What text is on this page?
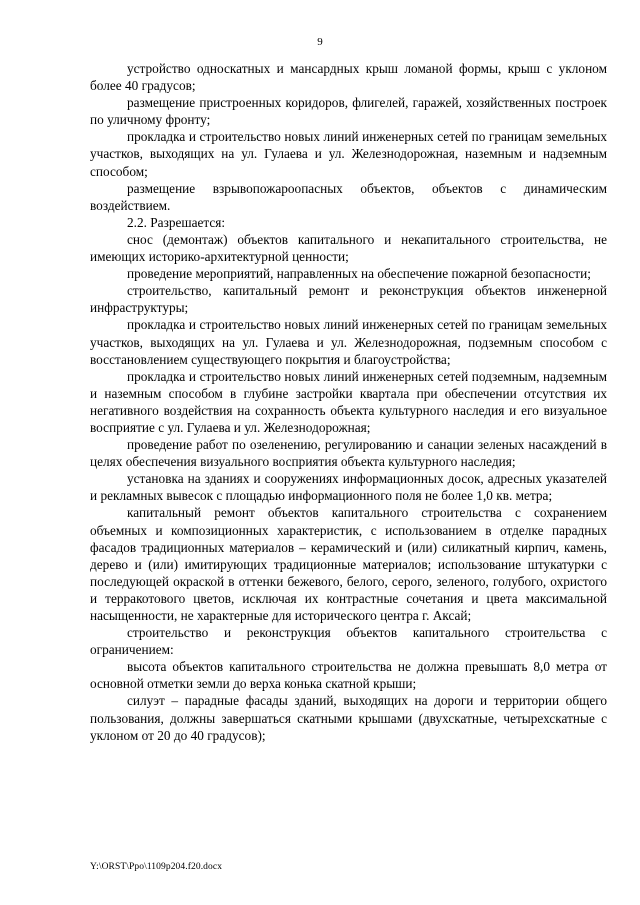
9

устройство односкатных и мансардных крыш ломаной формы, крыш с уклоном более 40 градусов;

размещение пристроенных коридоров, флигелей, гаражей, хозяйственных построек по уличному фронту;

прокладка и строительство новых линий инженерных сетей по границам земельных участков, выходящих на ул. Гулаева и ул. Железнодорожная, наземным и надземным способом;

размещение взрывопожароопасных объектов, объектов с динамическим воздействием.

2.2. Разрешается:

снос (демонтаж) объектов капитального и некапитального строительства, не имеющих историко-архитектурной ценности;

проведение мероприятий, направленных на обеспечение пожарной безопасности;

строительство, капитальный ремонт и реконструкция объектов инженерной инфраструктуры;

прокладка и строительство новых линий инженерных сетей по границам земельных участков, выходящих на ул. Гулаева и ул. Железнодорожная, подземным способом с восстановлением существующего покрытия и благоустройства;

прокладка и строительство новых линий инженерных сетей подземным, надземным и наземным способом в глубине застройки квартала при обеспечении отсутствия их негативного воздействия на сохранность объекта культурного наследия и его визуальное восприятие с ул. Гулаева и ул. Железнодорожная;

проведение работ по озеленению, регулированию и санации зеленых насаждений в целях обеспечения визуального восприятия объекта культурного наследия;

установка на зданиях и сооружениях информационных досок, адресных указателей и рекламных вывесок с площадью информационного поля не более 1,0 кв. метра;

капитальный ремонт объектов капитального строительства с сохранением объемных и композиционных характеристик, с использованием в отделке парадных фасадов традиционных материалов – керамический и (или) силикатный кирпич, камень, дерево и (или) имитирующих традиционные материалов; использование штукатурки с последующей окраской в оттенки бежевого, белого, серого, зеленого, голубого, охристого и терракотового цветов, исключая их контрастные сочетания и цвета максимальной насыщенности, не характерные для исторического центра г. Аксай;

строительство и реконструкция объектов капитального строительства с ограничением:

высота объектов капитального строительства не должна превышать 8,0 метра от основной отметки земли до верха конька скатной крыши;

силуэт – парадные фасады зданий, выходящих на дороги и территории общего пользования, должны завершаться скатными крышами (двухскатные, четырехскатные с уклоном от 20 до 40 градусов);

Y:\ORST\Ppo\1109p204.f20.docx
